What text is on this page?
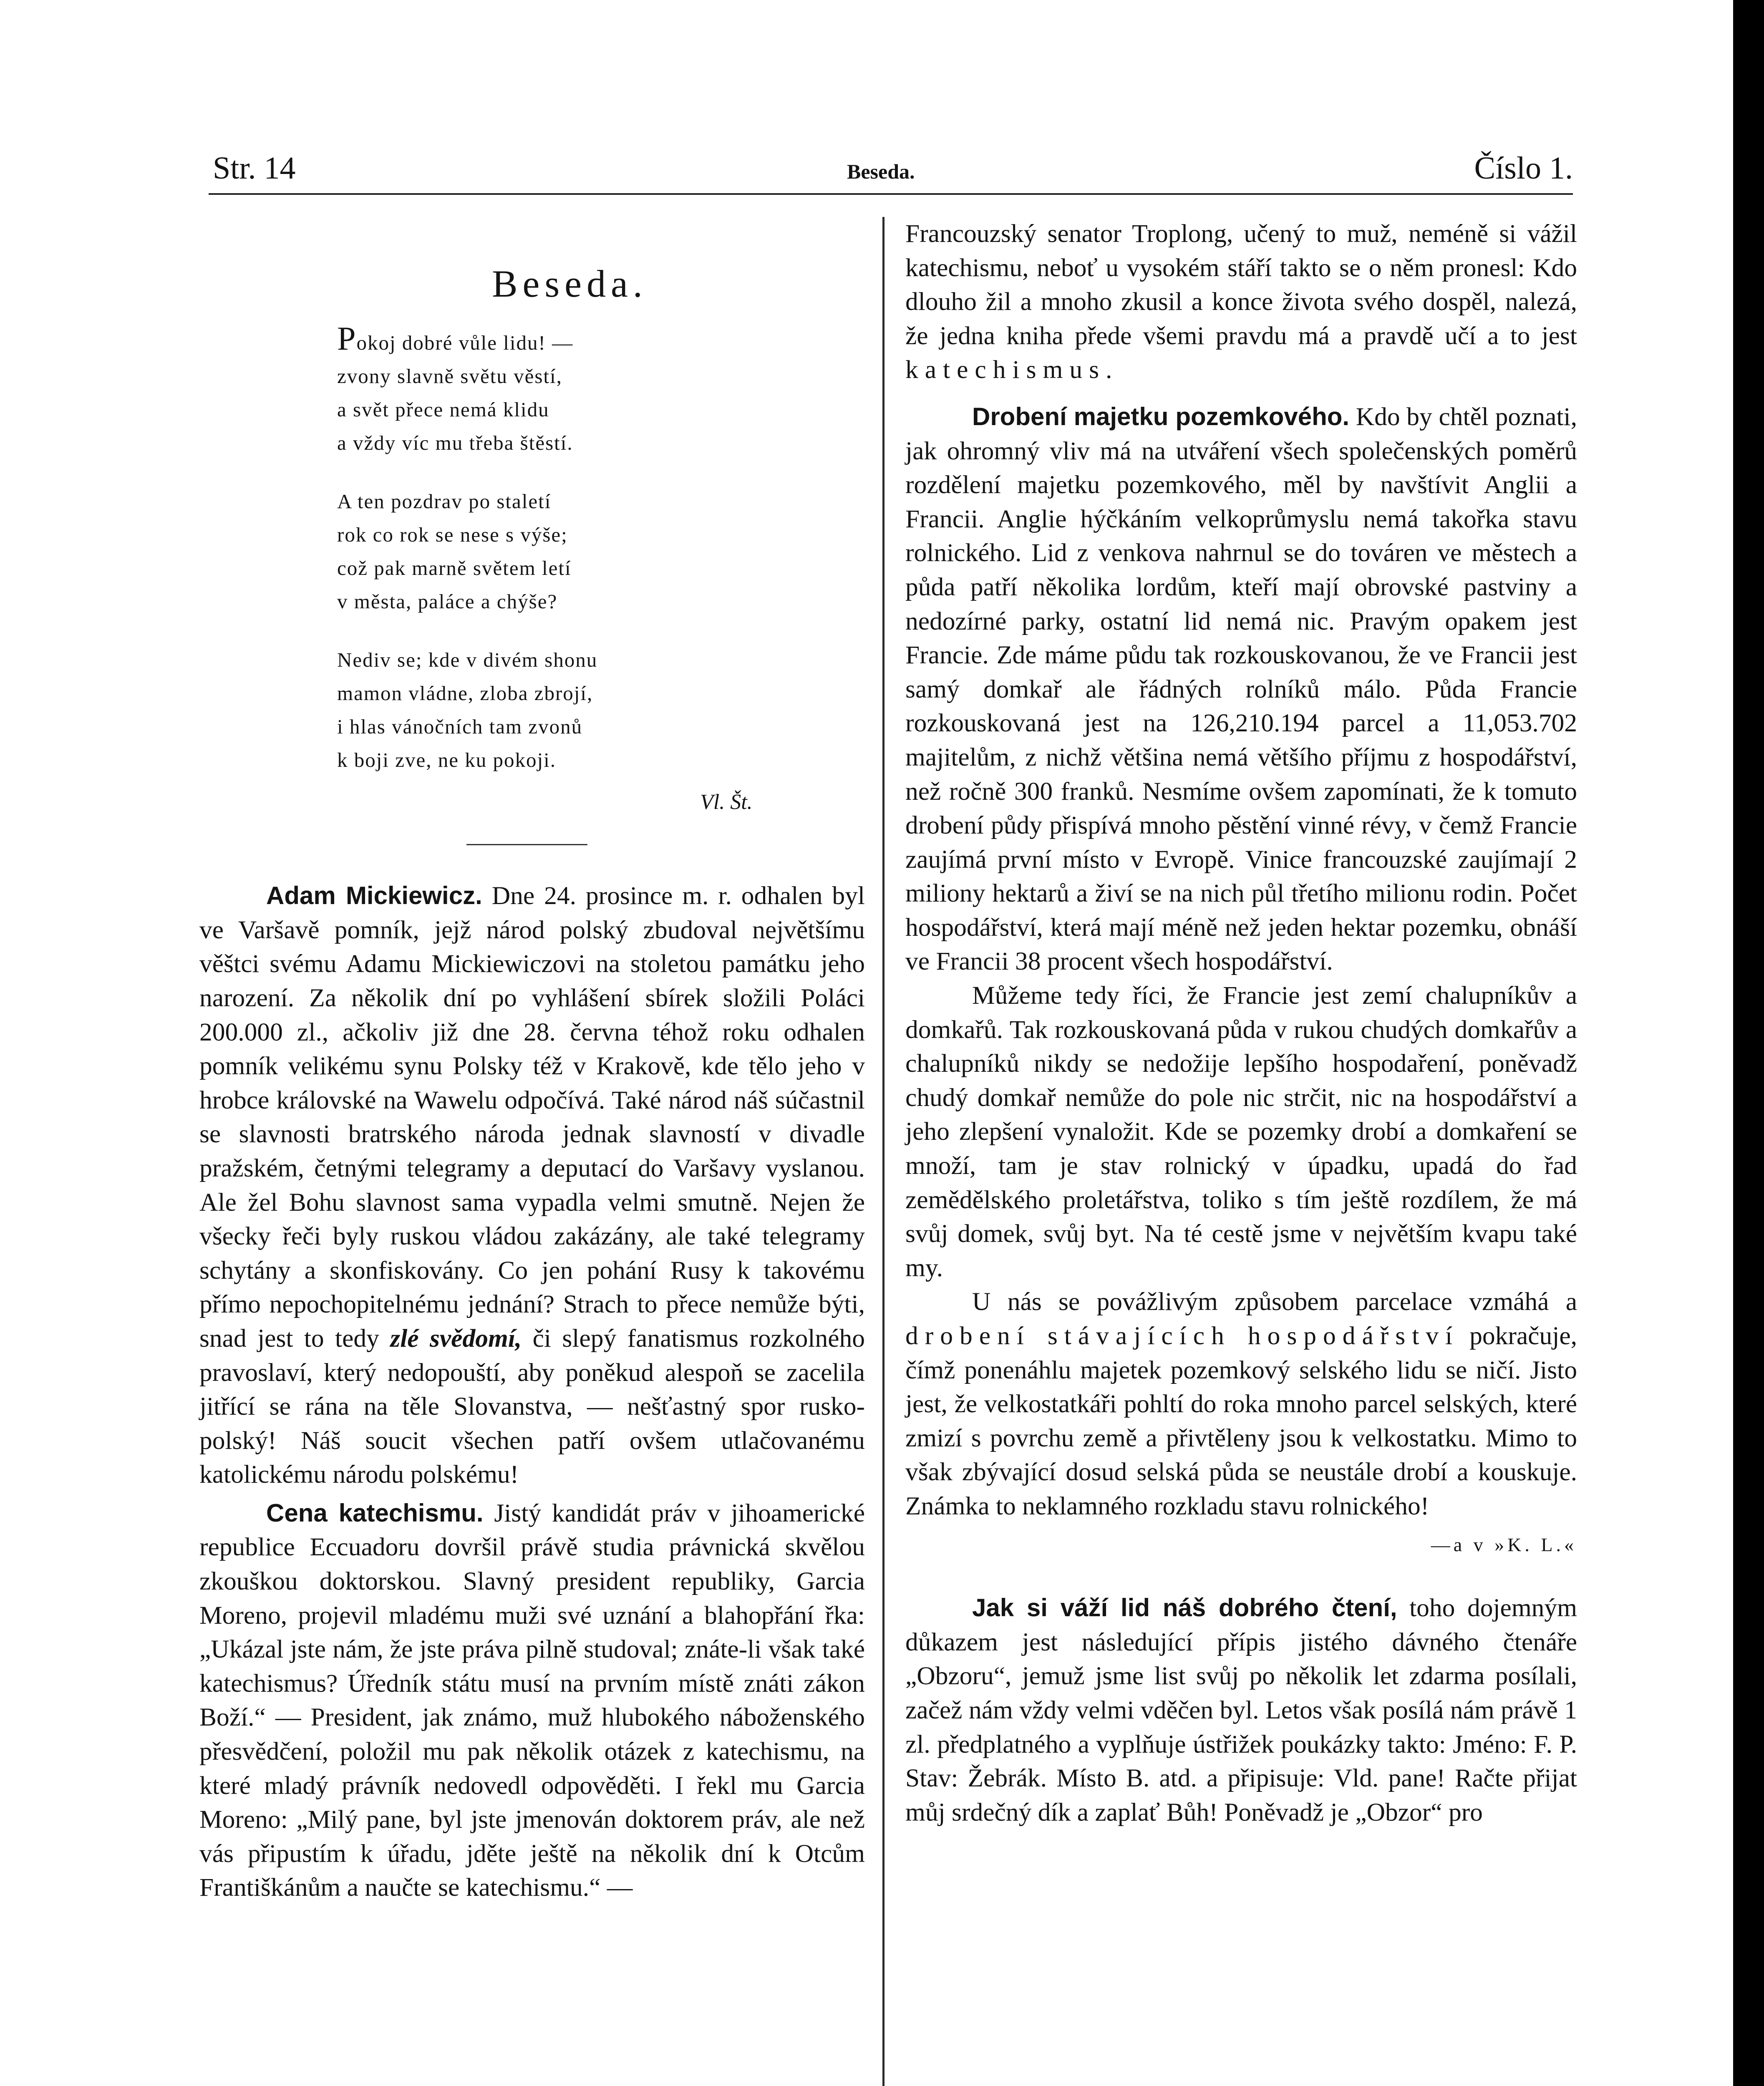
Str. 14	Beseda.	Číslo 1.
Beseda.
Pokoj dobré vůle lidu! —
zvony slavně světu věstí,
a svět přece nemá klidu
a vždy víc mu třeba štěstí.
A ten pozdrav po staletí
rok co rok se nese s výše;
což pak marně světem letí
v města, paláce a chýše?
Nediv se; kde v divém shonu
mamon vládne, zloba zbrojí,
i hlas vánočních tam zvonů
k boji zve, ne ku pokoji.
Vl. Št.

Adam Mickiewicz. Dne 24. prosince m. r. odhalen byl ve Varšavě pomník, jejž národ polský zbudoval největšímu věštci svému Adamu Mickiewiczovi na stoletou památku jeho narození. Za několik dní po vyhlášení sbírek složili Poláci 200.000 zl., ačkoliv již dne 28. června téhož roku odhalen pomník velikému synu Polsky též v Krakově, kde tělo jeho v hrobce královské na Wawelu odpočívá. Také národ náš súčastnil se slavnosti bratrského národa jednak slavností v divadle pražském, četnými telegramy a deputací do Varšavy vyslanou. Ale žel Bohu slavnost sama vypadla velmi smutně. Nejen že všecky řeči byly ruskou vládou zakázány, ale také telegramy schytány a skonfiskovány. Co jen pohání Rusy k takovému přímo nepochopitelnému jednání? Strach to přece nemůže býti, snad jest to tedy zlé svědomí, či slepý fanatismus rozkolného pravoslaví, který nedopouští, aby poněkud alespoň se zacelila jitřící se rána na těle Slovanstva, — nešťastný spor rusko-polský! Náš soucit všechen patří ovšem utlačovanému katolickému národu polskému!

Cena katechismu. Jistý kandidát práv v jihoamerické republice Eccuadoru dovršil právě studia právnická skvělou zkouškou doktorskou. Slavný president republiky, Garcia Moreno, projevil mladému muži své uznání a blahopřání řka: „Ukázal jste nám, že jste práva pilně studoval; znáte-li však také katechismus? Úředník státu musí na prvním místě znáti zákon Boží.“ — President, jak známo, muž hlubokého náboženského přesvědčení, položil mu pak několik otázek z katechismu, na které mladý právník nedovedl odpověděti. I řekl mu Garcia Moreno: „Milý pane, byl jste jmenován doktorem práv, ale než vás připustím k úřadu, jděte ještě na několik dní k Otcům Františkánům a naučte se katechismu.“ —

Francouzský senator Troplong, učený to muž, neméně si vážil katechismu, neboť u vysokém stáří takto se o něm pronesl: Kdo dlouho žil a mnoho zkusil a konce života svého dospěl, nalezá, že jedna kniha přede všemi pravdu má a pravdě učí a to jest katechismus.

Drobení majetku pozemkového. Kdo by chtěl poznati, jak ohromný vliv má na utváření všech společenských poměrů rozdělení majetku pozemkového, měl by navštívit Anglii a Francii. Anglie hýčkáním velkoprůmyslu nemá takořka stavu rolnického. Lid z venkova nahrnul se do továren ve městech a půda patří několika lordům, kteří mají obrovské pastviny a nedozírné parky, ostatní lid nemá nic. Pravým opakem jest Francie. Zde máme půdu tak rozkouskovanou, že ve Francii jest samý domkař ale řádných rolníků málo. Půda Francie rozkouskovaná jest na 126,210.194 parcel a 11,053.702 majitelům, z nichž většina nemá většího příjmu z hospodářství, než ročně 300 franků. Nesmíme ovšem zapomínati, že k tomuto drobení půdy přispívá mnoho pěstění vinné révy, v čemž Francie zaujímá první místo v Evropě. Vinice francouzské zaujímají 2 miliony hektarů a živí se na nich půl třetího milionu rodin. Počet hospodářství, která mají méně než jeden hektar pozemku, obnáší ve Francii 38 procent všech hospodářství.

Můžeme tedy říci, že Francie jest zemí chalupníkův a domkařů. Tak rozkouskovaná půda v rukou chudých domkařův a chalupníků nikdy se nedožije lepšího hospodaření, poněvadž chudý domkař nemůže do pole nic strčit, nic na hospodářství a jeho zlepšení vynaložit. Kde se pozemky drobí a domkaření se množí, tam je stav rolnický v úpadku, upadá do řad zemědělského proletářstva, toliko s tím ještě rozdílem, že má svůj domek, svůj byt. Na té cestě jsme v největším kvapu také my.

U nás se povážlivým způsobem parcelace vzmáhá a drobení stávajících hospodářství pokračuje, čímž ponenáhlu majetek pozemkový selského lidu se ničí. Jisto jest, že velkostatkáři pohltí do roka mnoho parcel selských, které zmizí s povrchu země a přivtěleny jsou k velkostatku. Mimo to však zbývající dosud selská půda se neustále drobí a kouskuje. Známka to neklamného rozkladu stavu rolnického!

—a v »K. L.«

Jak si váží lid náš dobrého čtení, toho dojemným důkazem jest následující přípis jistého dávného čtenáře „Obzoru“, jemuž jsme list svůj po několik let zdarma posílali, začež nám vždy velmi vděčen byl. Letos však posílá nám právě 1 zl. předplatného a vyplňuje ústřižek poukázky takto: Jméno: F. P. Stav: Žebrák. Místo B. atd. a připisuje: Vld. pane! Račte přijat můj srdečný dík a zaplať Bůh! Poněvadž je „Obzor“ pro
